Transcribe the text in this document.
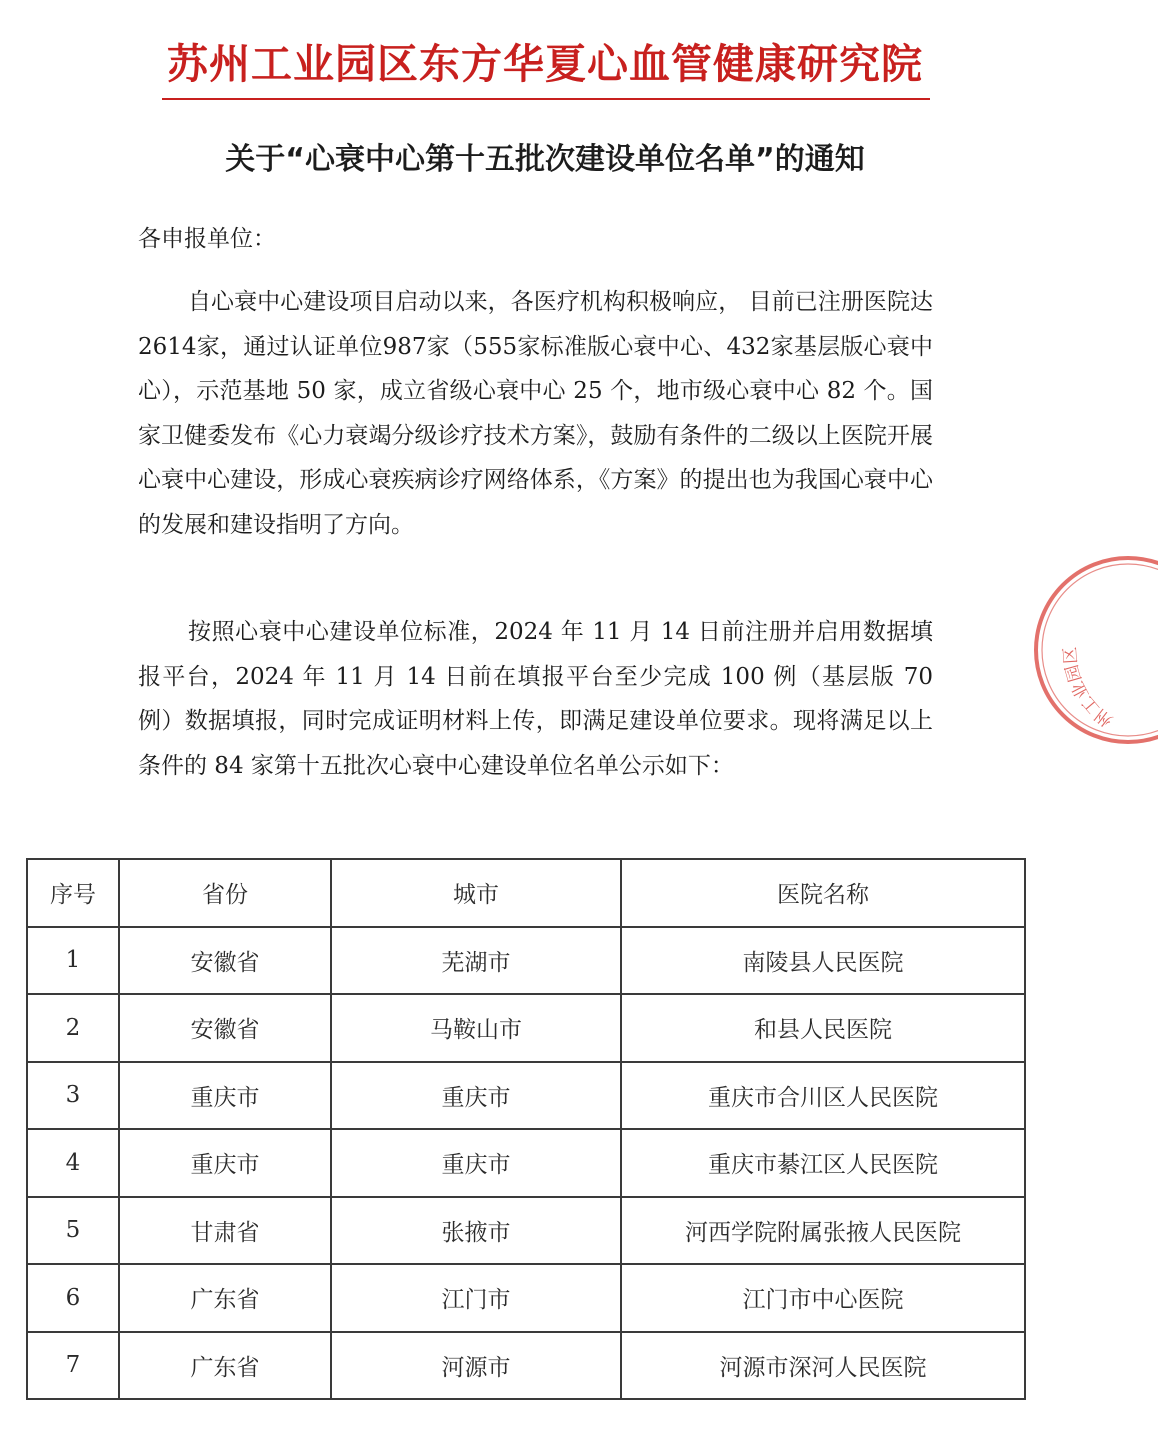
苏州工业园区东方华夏心血管健康研究院
关于“心衰中心第十五批次建设单位名单”的通知
各申报单位：

自心衰中心建设项目启动以来，各医疗机构积极响应， 目前已注册医院达2614家，通过认证单位987家（555家标准版心衰中心、432家基层版心衰中心），示范基地 50 家，成立省级心衰中心 25 个，地市级心衰中心 82 个。国家卫健委发布《心力衰竭分级诊疗技术方案》，鼓励有条件的二级以上医院开展心衰中心建设，形成心衰疾病诊疗网络体系，《方案》的提出也为我国心衰中心的发展和建设指明了方向。

按照心衰中心建设单位标准，2024 年 11 月 14 日前注册并启用数据填报平台，2024 年 11 月 14 日前在填报平台至少完成 100 例（基层版 70 例）数据填报，同时完成证明材料上传，即满足建设单位要求。现将满足以上条件的 84 家第十五批次心衰中心建设单位名单公示如下：

州工业园区
序号	省份	城市	医院名称
1	安徽省	芜湖市	南陵县人民医院
2	安徽省	马鞍山市	和县人民医院
3	重庆市	重庆市	重庆市合川区人民医院
4	重庆市	重庆市	重庆市綦江区人民医院
5	甘肃省	张掖市	河西学院附属张掖人民医院
6	广东省	江门市	江门市中心医院
7	广东省	河源市	河源市深河人民医院
